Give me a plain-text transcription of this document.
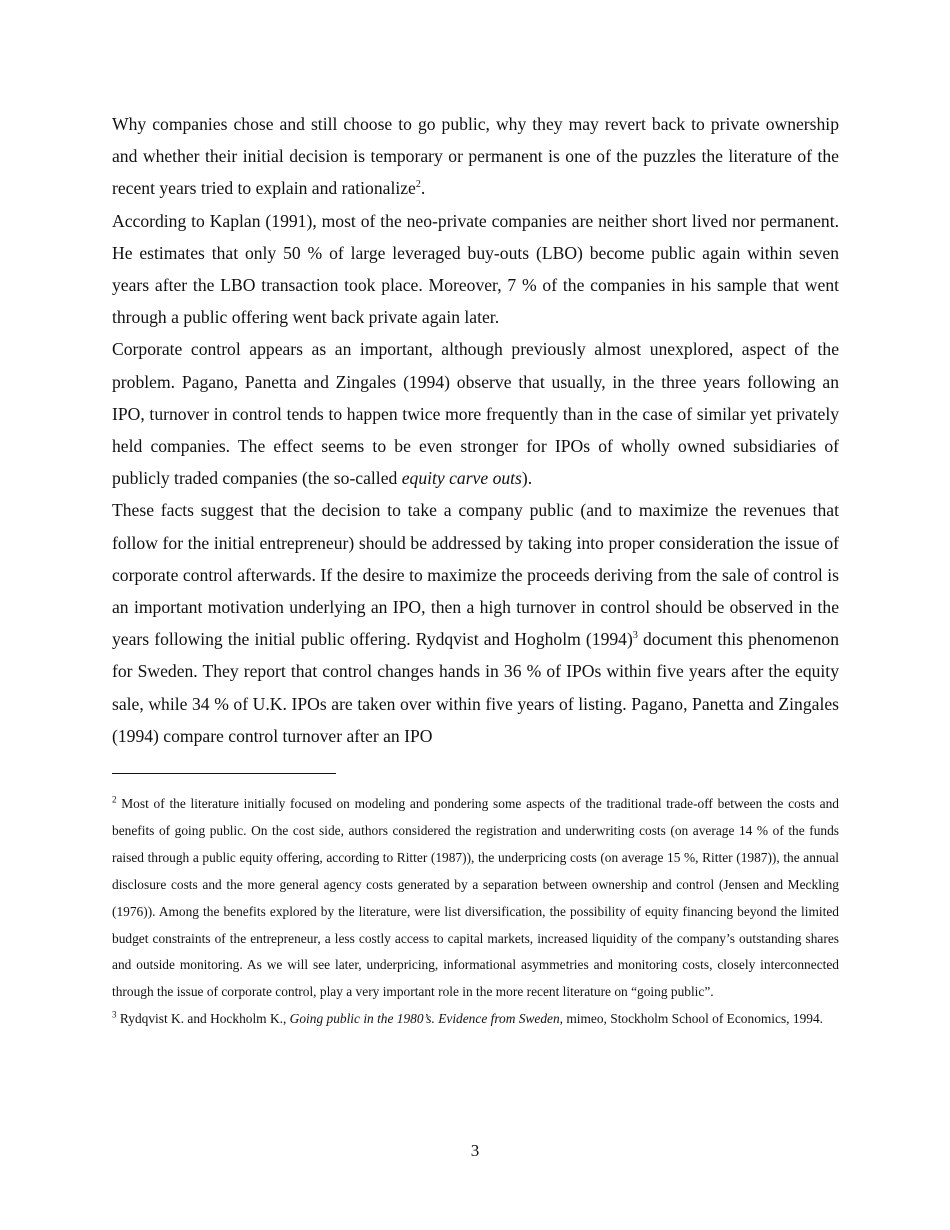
Why companies chose and still choose to go public, why they may revert back to private ownership and whether their initial decision is temporary or permanent is one of the puzzles the literature of the recent years tried to explain and rationalize$^2$.

According to Kaplan (1991), most of the neo-private companies are neither short lived nor permanent. He estimates that only 50 % of large leveraged buy-outs (LBO) become public again within seven years after the LBO transaction took place. Moreover, 7 % of the companies in his sample that went through a public offering went back private again later.

Corporate control appears as an important, although previously almost unexplored, aspect of the problem. Pagano, Panetta and Zingales (1994) observe that usually, in the three years following an IPO, turnover in control tends to happen twice more frequently than in the case of similar yet privately held companies. The effect seems to be even stronger for IPOs of wholly owned subsidiaries of publicly traded companies (the so-called equity carve outs).

These facts suggest that the decision to take a company public (and to maximize the revenues that follow for the initial entrepreneur) should be addressed by taking into proper consideration the issue of corporate control afterwards. If the desire to maximize the proceeds deriving from the sale of control is an important motivation underlying an IPO, then a high turnover in control should be observed in the years following the initial public offering. Rydqvist and Hogholm $(1994)^3$ document this phenomenon for Sweden. They report that control changes hands in 36 % of IPOs within five years after the equity sale, while 34 % of U.K. IPOs are taken over within five years of listing. Pagano, Panetta and Zingales (1994) compare control turnover after an IPO

$^2$ Most of the literature initially focused on modeling and pondering some aspects of the traditional trade-off between the costs and benefits of going public. On the cost side, authors considered the registration and underwriting costs (on average 14 % of the funds raised through a public equity offering, according to Ritter (1987)), the underpricing costs (on average 15 %, Ritter (1987)), the annual disclosure costs and the more general agency costs generated by a separation between ownership and control (Jensen and Meckling (1976)). Among the benefits explored by the literature, were list diversification, the possibility of equity financing beyond the limited budget constraints of the entrepreneur, a less costly access to capital markets, increased liquidity of the company’s outstanding shares and outside monitoring. As we will see later, underpricing, informational asymmetries and monitoring costs, closely interconnected through the issue of corporate control, play a very important role in the more recent literature on “going public”.

$^3$ Rydqvist K. and Hockholm K., Going public in the 1980’s. Evidence from Sweden, mimeo, Stockholm School of Economics, 1994.

3
